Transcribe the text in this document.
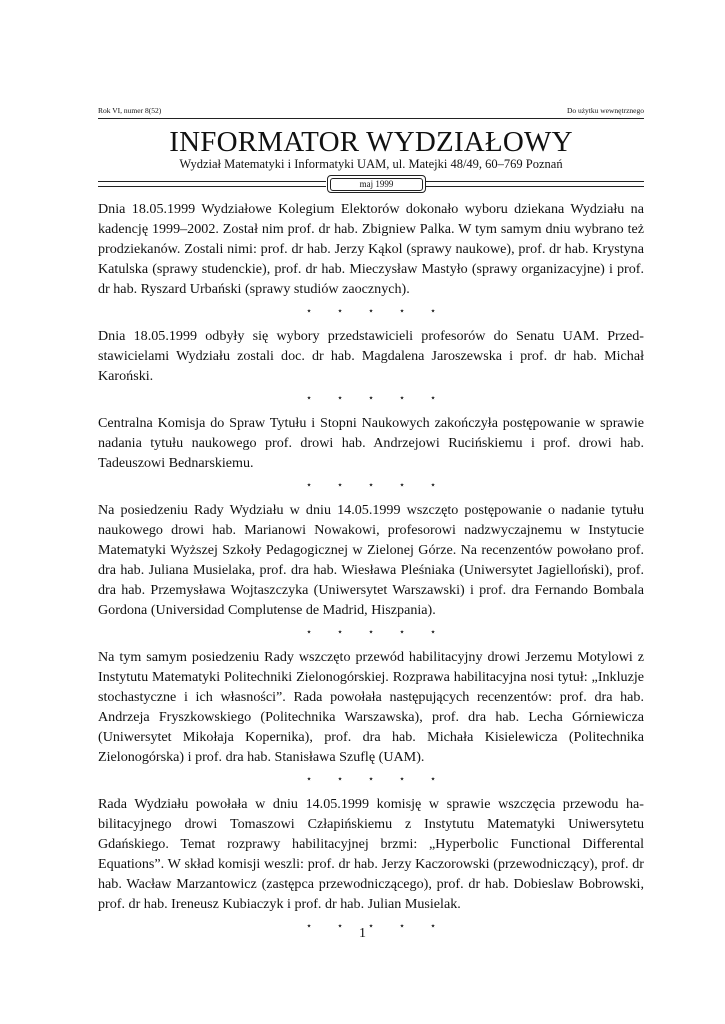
Rok VI, numer 8(52)	Do użytku wewnętrznego
INFORMATOR WYDZIAŁOWY
Wydział Matematyki i Informatyki UAM, ul. Matejki 48/49, 60–769 Poznań
maj 1999

Dnia 18.05.1999 Wydziałowe Kolegium Elektorów dokonało wyboru dziekana Wydziału na kadencję 1999–2002. Został nim prof. dr hab. Zbigniew Palka. W tym samym dniu wybrano też prodziekanów. Zostali nimi: prof. dr hab. Jerzy Kąkol (sprawy naukowe), prof. dr hab. Krystyna Katulska (sprawy studenckie), prof. dr hab. Mieczysław Mastyło (sprawy organizacyjne) i prof. dr hab. Ryszard Urbański (sprawy studiów zaocznych).

⋆ ⋆ ⋆ ⋆ ⋆

Dnia 18.05.1999 odbyły się wybory przedstawicieli profesorów do Senatu UAM. Przedstawicielami Wydziału zostali doc. dr hab. Magdalena Jaroszewska i prof. dr hab. Michał Karoński.

⋆ ⋆ ⋆ ⋆ ⋆

Centralna Komisja do Spraw Tytułu i Stopni Naukowych zakończyła postępowanie w sprawie nadania tytułu naukowego prof. drowi hab. Andrzejowi Rucińskiemu i prof. drowi hab. Tadeuszowi Bednarskiemu.

⋆ ⋆ ⋆ ⋆ ⋆

Na posiedzeniu Rady Wydziału w dniu 14.05.1999 wszczęto postępowanie o nadanie tytułu naukowego drowi hab. Marianowi Nowakowi, profesorowi nadzwyczajnemu w Instytucie Matematyki Wyższej Szkoły Pedagogicznej w Zielonej Górze. Na recenzentów powołano prof. dra hab. Juliana Musielaka, prof. dra hab. Wiesława Pleśniaka (Uniwersytet Jagielloński), prof. dra hab. Przemysława Wojtaszczyka (Uniwersytet Warszawski) i prof. dra Fernando Bombala Gordona (Universidad Complutense de Madrid, Hiszpania).

⋆ ⋆ ⋆ ⋆ ⋆

Na tym samym posiedzeniu Rady wszczęto przewód habilitacyjny drowi Jerzemu Motylowi z Instytutu Matematyki Politechniki Zielonogórskiej. Rozprawa habilitacyjna nosi tytuł: „Inkluzje stochastyczne i ich własności”. Rada powołała następujących recenzentów: prof. dra hab. Andrzeja Fryszkowskiego (Politechnika Warszawska), prof. dra hab. Lecha Górniewicza (Uniwersytet Mikołaja Kopernika), prof. dra hab. Michała Kisielewicza (Politechnika Zielonogórska) i prof. dra hab. Stanisława Szuflę (UAM).

⋆ ⋆ ⋆ ⋆ ⋆

Rada Wydziału powołała w dniu 14.05.1999 komisję w sprawie wszczęcia przewodu habilitacyjnego drowi Tomaszowi Człapińskiemu z Instytutu Matematyki Uniwersytetu Gdańskiego. Temat rozprawy habilitacyjnej brzmi: „Hyperbolic Functional Differental Equations”. W skład komisji weszli: prof. dr hab. Jerzy Kaczorowski (przewodniczący), prof. dr hab. Wacław Marzantowicz (zastępca przewodniczącego), prof. dr hab. Dobieslaw Bobrowski, prof. dr hab. Ireneusz Kubiaczyk i prof. dr hab. Julian Musielak.

⋆ ⋆ ⋆ ⋆ ⋆
1
